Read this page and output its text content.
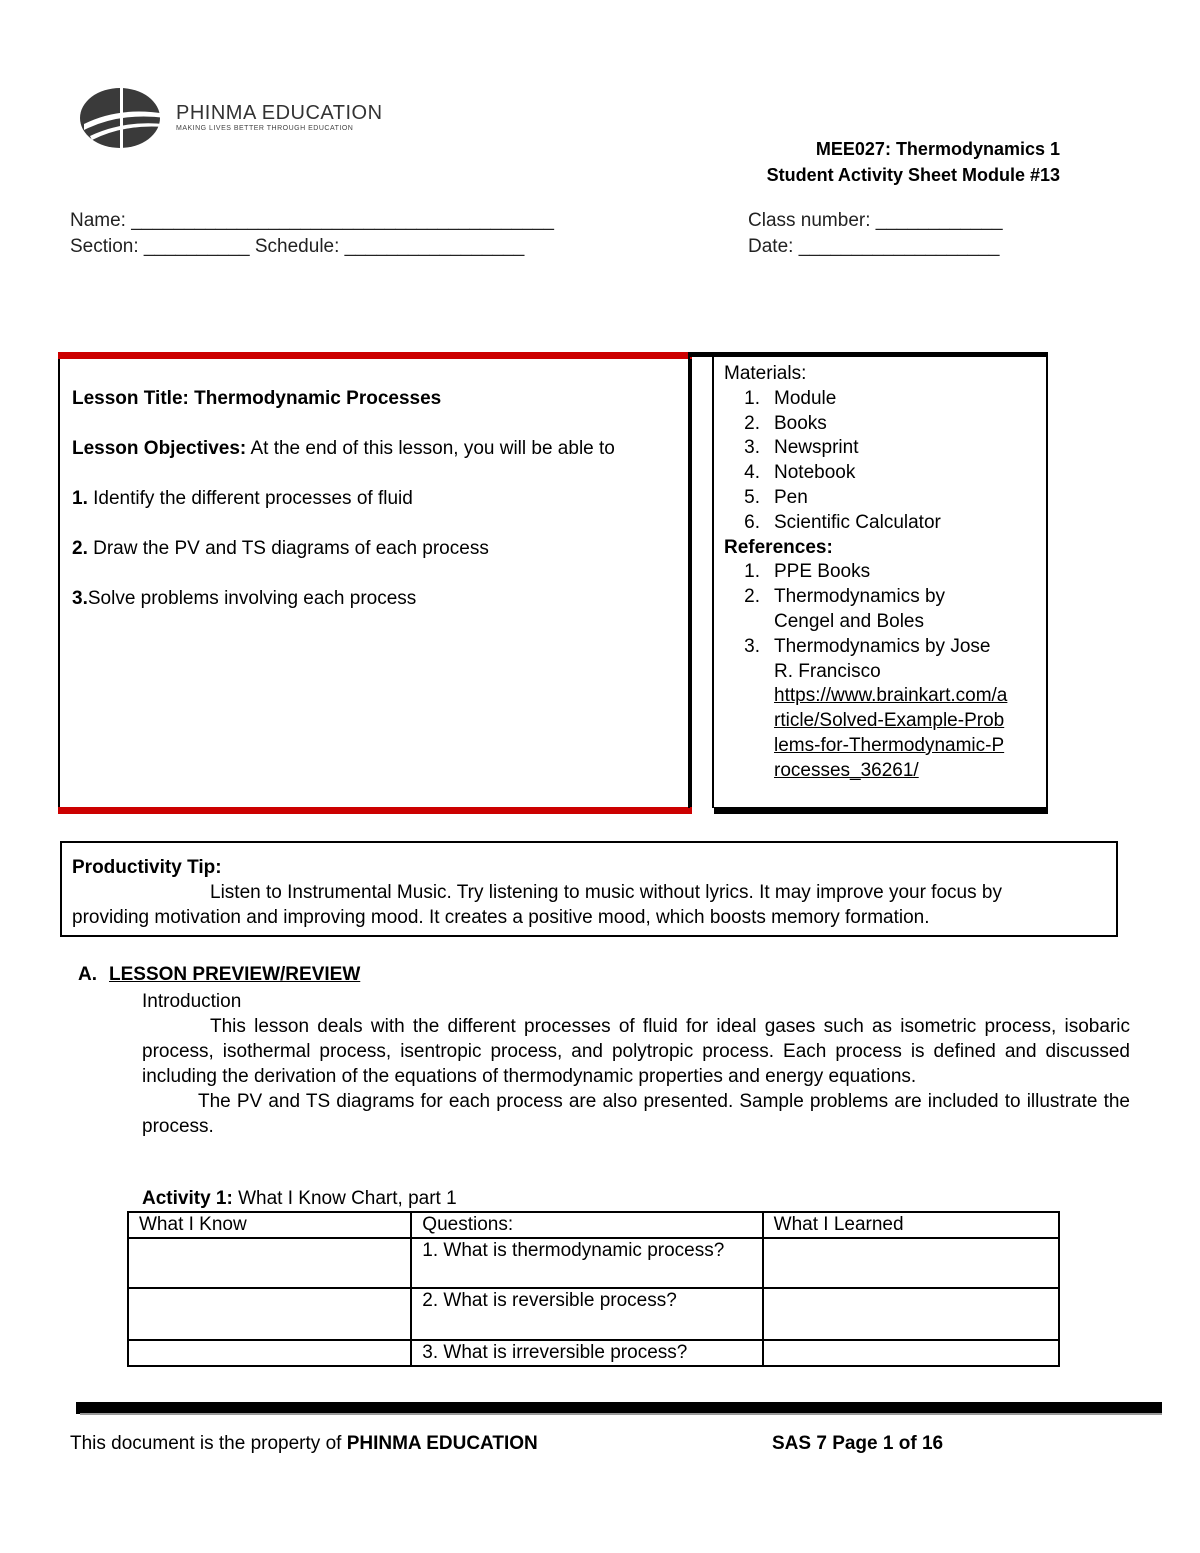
PHINMA EDUCATION
MAKING LIVES BETTER THROUGH EDUCATION
MEE027: Thermodynamics 1
Student Activity Sheet Module #13
Name: ________________________________________	Class number: ____________
Section: __________ Schedule: _________________	Date: ___________________

Lesson Title: Thermodynamic Processes

Lesson Objectives: At the end of this lesson, you will be able to

1. Identify the different processes of fluid

2. Draw the PV and TS diagrams of each process

3.Solve problems involving each process

Materials:
1. Module
2. Books
3. Newsprint
4. Notebook
5. Pen
6. Scientific Calculator
References:
1. PPE Books
2. Thermodynamics by Cengel and Boles
3. Thermodynamics by Jose R. Francisco
https://www.brainkart.com/article/Solved-Example-Problems-for-Thermodynamic-Processes_36261/
Productivity Tip:
Listen to Instrumental Music. Try listening to music without lyrics. It may improve your focus by
providing motivation and improving mood. It creates a positive mood, which boosts memory formation.
A. LESSON PREVIEW/REVIEW

Introduction

This lesson deals with the different processes of fluid for ideal gases such as isometric process, isobaric process, isothermal process, isentropic process, and polytropic process. Each process is defined and discussed including the derivation of the equations of thermodynamic properties and energy equations.

The PV and TS diagrams for each process are also presented. Sample problems are included to illustrate the process.

Activity 1: What I Know Chart, part 1
What I Know	Questions:	What I Learned
	1. What is thermodynamic process?	
	2. What is reversible process?	
	3. What is irreversible process?	
This document is the property of PHINMA EDUCATION	SAS 7 Page 1 of 16
